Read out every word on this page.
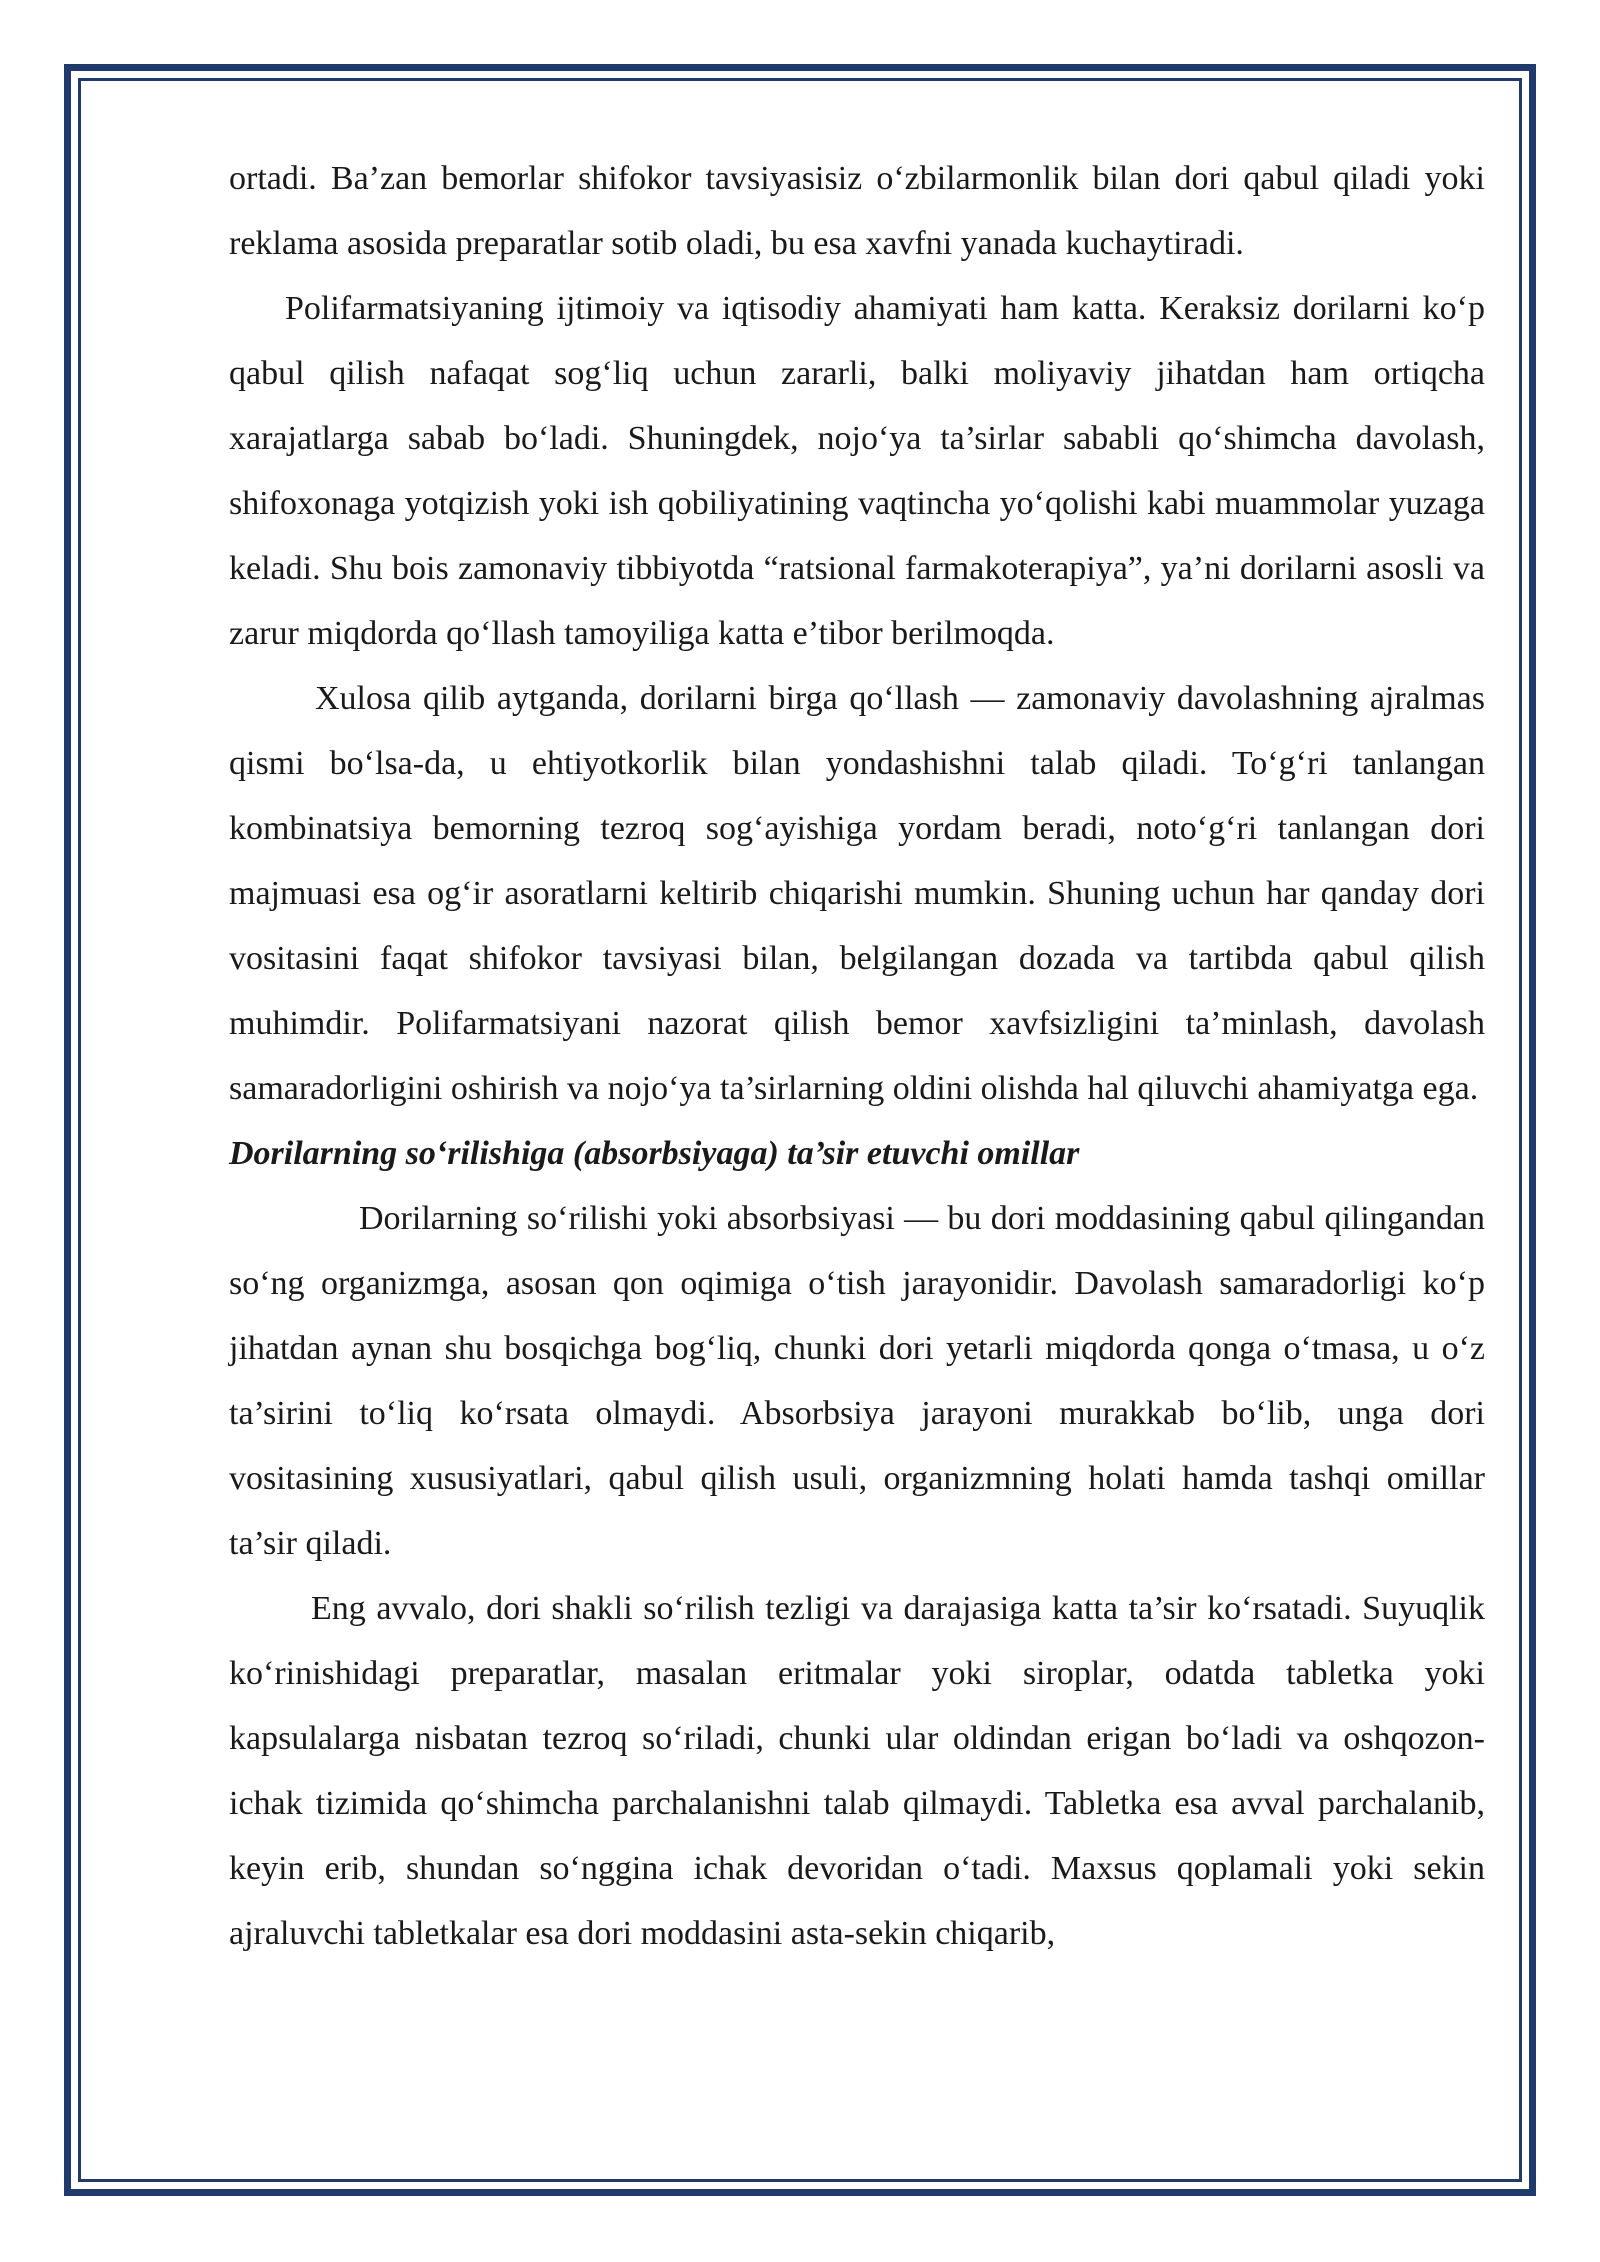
ortadi. Ba’zan bemorlar shifokor tavsiyasisiz o‘zbilarmonlik bilan dori qabul qiladi yoki reklama asosida preparatlar sotib oladi, bu esa xavfni yanada kuchaytiradi.

Polifarmatsiyaning ijtimoiy va iqtisodiy ahamiyati ham katta. Keraksiz dorilarni ko‘p qabul qilish nafaqat sog‘liq uchun zararli, balki moliyaviy jihatdan ham ortiqcha xarajatlarga sabab bo‘ladi. Shuningdek, nojo‘ya ta’sirlar sababli qo‘shimcha davolash, shifoxonaga yotqizish yoki ish qobiliyatining vaqtincha yo‘qolishi kabi muammolar yuzaga keladi. Shu bois zamonaviy tibbiyotda “ratsional farmakoterapiya”, ya’ni dorilarni asosli va zarur miqdorda qo‘llash tamoyiliga katta e’tibor berilmoqda.

Xulosa qilib aytganda, dorilarni birga qo‘llash — zamonaviy davolashning ajralmas qismi bo‘lsa-da, u ehtiyotkorlik bilan yondashishni talab qiladi. To‘g‘ri tanlangan kombinatsiya bemorning tezroq sog‘ayishiga yordam beradi, noto‘g‘ri tanlangan dori majmuasi esa og‘ir asoratlarni keltirib chiqarishi mumkin. Shuning uchun har qanday dori vositasini faqat shifokor tavsiyasi bilan, belgilangan dozada va tartibda qabul qilish muhimdir. Polifarmatsiyani nazorat qilish bemor xavfsizligini ta’minlash, davolash samaradorligini oshirish va nojo‘ya ta’sirlarning oldini olishda hal qiluvchi ahamiyatga ega.

Dorilarning so‘rilishiga (absorbsiyaga) ta’sir etuvchi omillar

Dorilarning so‘rilishi yoki absorbsiyasi — bu dori moddasining qabul qilingandan so‘ng organizmga, asosan qon oqimiga o‘tish jarayonidir. Davolash samaradorligi ko‘p jihatdan aynan shu bosqichga bog‘liq, chunki dori yetarli miqdorda qonga o‘tmasa, u o‘z ta’sirini to‘liq ko‘rsata olmaydi. Absorbsiya jarayoni murakkab bo‘lib, unga dori vositasining xususiyatlari, qabul qilish usuli, organizmning holati hamda tashqi omillar ta’sir qiladi.

Eng avvalo, dori shakli so‘rilish tezligi va darajasiga katta ta’sir ko‘rsatadi. Suyuqlik ko‘rinishidagi preparatlar, masalan eritmalar yoki siroplar, odatda tabletka yoki kapsulalarga nisbatan tezroq so‘riladi, chunki ular oldindan erigan bo‘ladi va oshqozon-ichak tizimida qo‘shimcha parchalanishni talab qilmaydi. Tabletka esa avval parchalanib, keyin erib, shundan so‘nggina ichak devoridan o‘tadi. Maxsus qoplamali yoki sekin ajraluvchi tabletkalar esa dori moddasini asta-sekin chiqarib,
